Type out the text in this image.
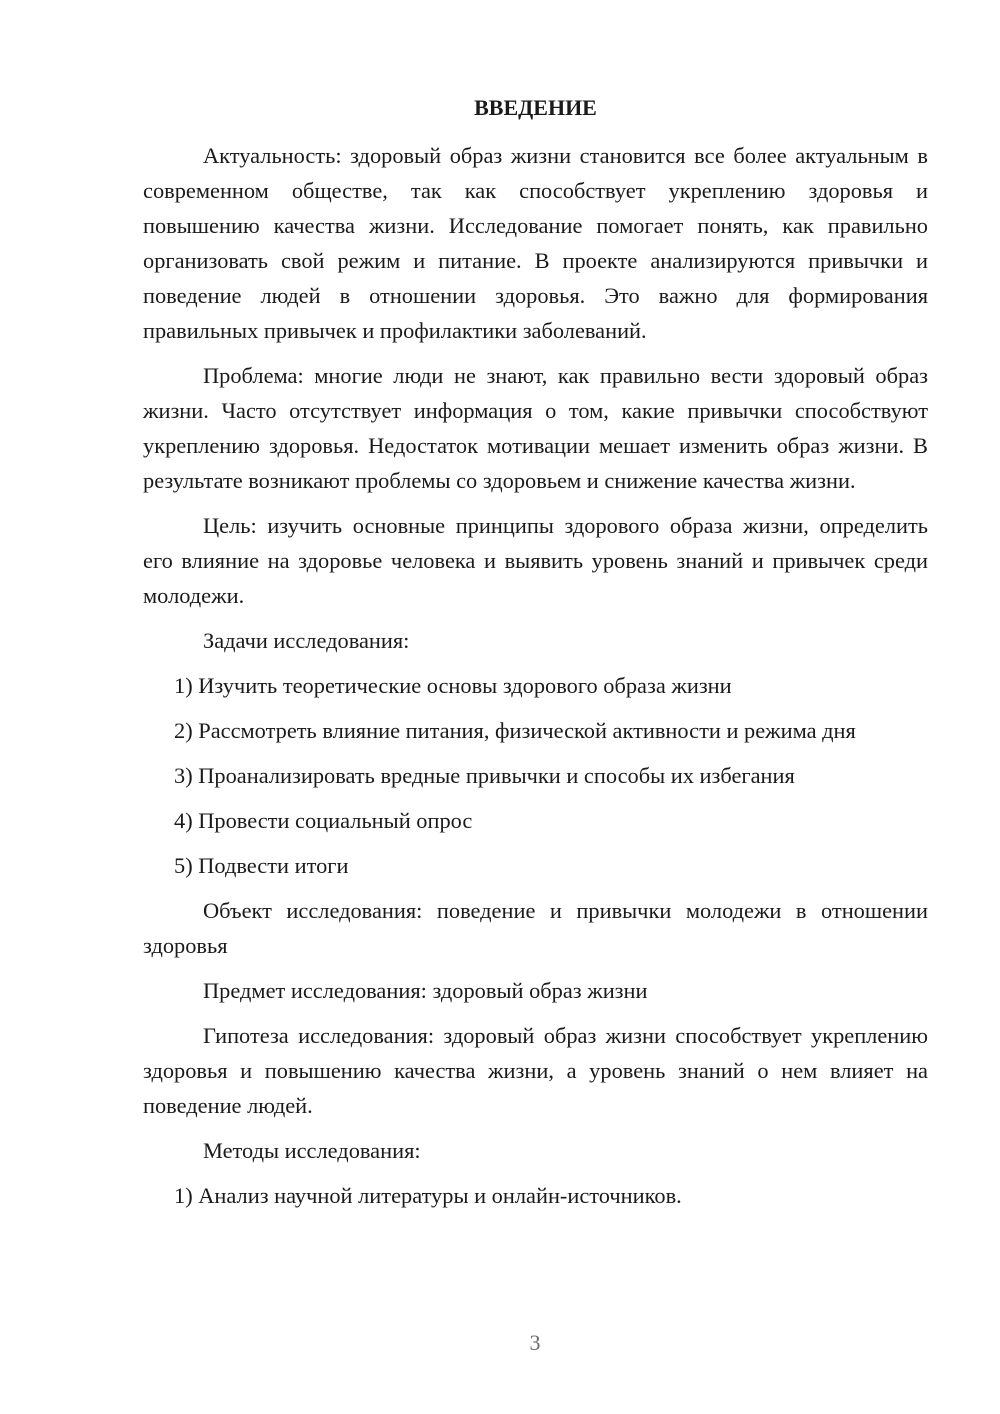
ВВЕДЕНИЕ

Актуальность: здоровый образ жизни становится все более актуальным в современном обществе, так как способствует укреплению здоровья и повышению качества жизни. Исследование помогает понять, как правильно организовать свой режим и питание. В проекте анализируются привычки и поведение людей в отношении здоровья. Это важно для формирования правильных привычек и профилактики заболеваний.

Проблема: многие люди не знают, как правильно вести здоровый образ жизни. Часто отсутствует информация о том, какие привычки способствуют укреплению здоровья. Недостаток мотивации мешает изменить образ жизни. В результате возникают проблемы со здоровьем и снижение качества жизни.

Цель: изучить основные принципы здорового образа жизни, определить его влияние на здоровье человека и выявить уровень знаний и привычек среди молодежи.

Задачи исследования:

1) Изучить теоретические основы здорового образа жизни

2) Рассмотреть влияние питания, физической активности и режима дня

3) Проанализировать вредные привычки и способы их избегания

4) Провести социальный опрос

5) Подвести итоги

Объект исследования: поведение и привычки молодежи в отношении здоровья

Предмет исследования: здоровый образ жизни

Гипотеза исследования: здоровый образ жизни способствует укреплению здоровья и повышению качества жизни, а уровень знаний о нем влияет на поведение людей.

Методы исследования:

1) Анализ научной литературы и онлайн-источников.

3
